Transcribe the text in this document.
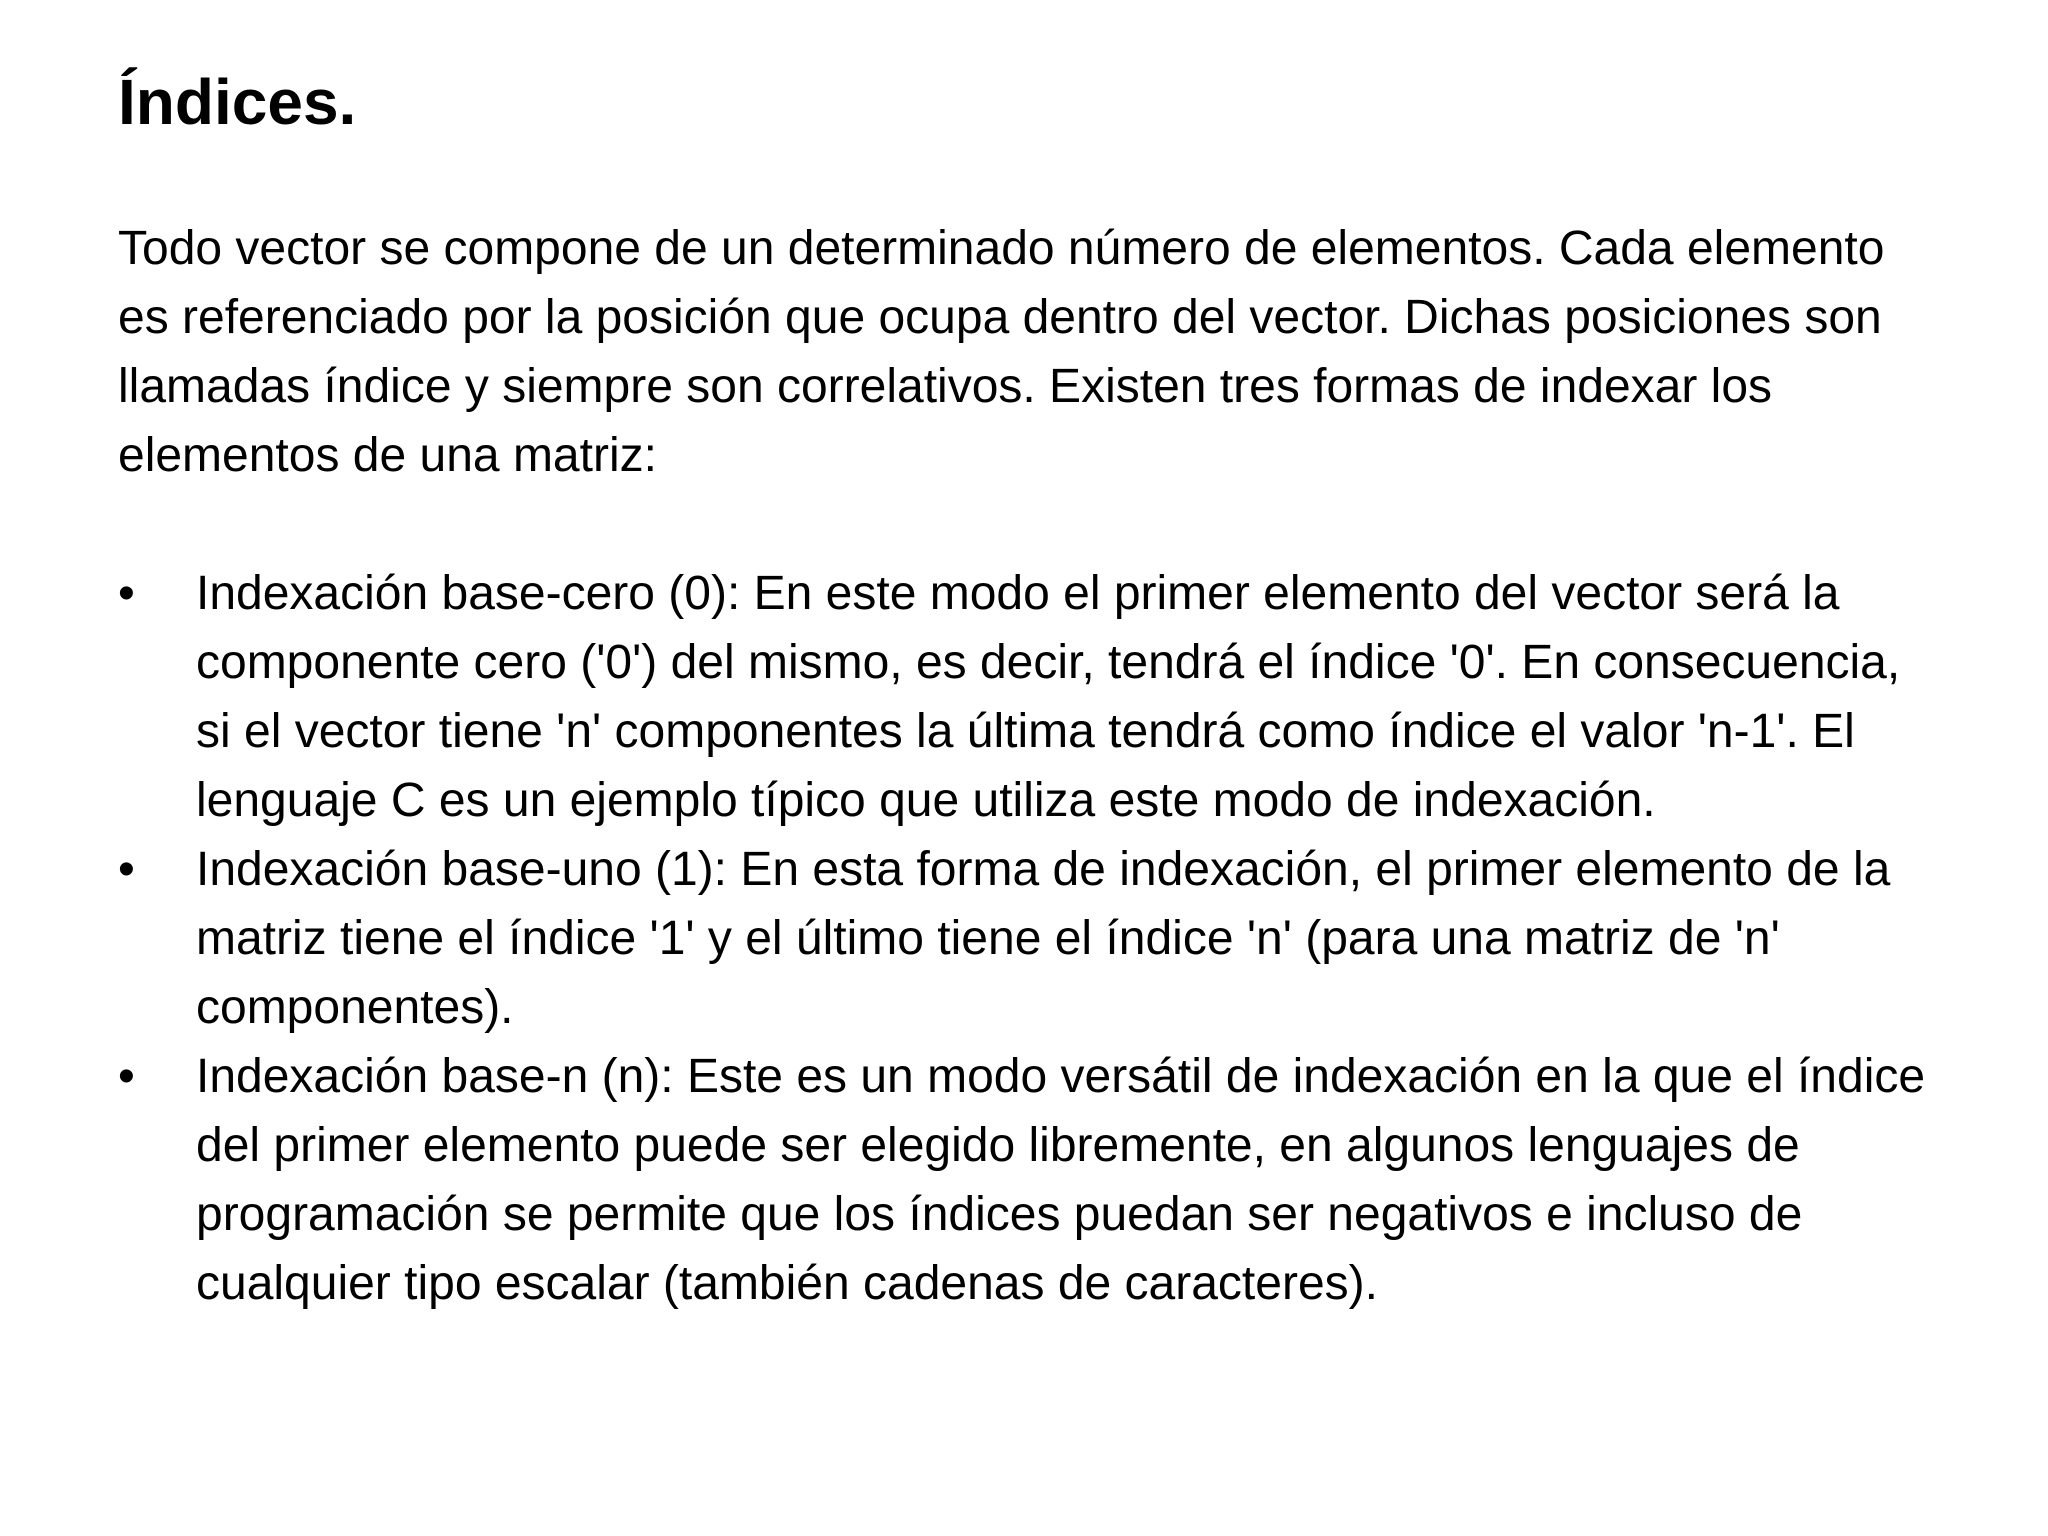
Índices.

Todo vector se compone de un determinado número de elementos. Cada elemento es referenciado por la posición que ocupa dentro del vector. Dichas posiciones son llamadas índice y siempre son correlativos. Existen tres formas de indexar los elementos de una matriz:

•	Indexación base-cero (0): En este modo el primer elemento del vector será la componente cero ('0') del mismo, es decir, tendrá el índice '0'. En consecuencia, si el vector tiene 'n' componentes la última tendrá como índice el valor 'n-1'. El lenguaje C es un ejemplo típico que utiliza este modo de indexación.
•	Indexación base-uno (1): En esta forma de indexación, el primer elemento de la matriz tiene el índice '1' y el último tiene el índice 'n' (para una matriz de 'n' componentes).
•	Indexación base-n (n): Este es un modo versátil de indexación en la que el índice del primer elemento puede ser elegido libremente, en algunos lenguajes de programación se permite que los índices puedan ser negativos e incluso de cualquier tipo escalar (también cadenas de caracteres).
